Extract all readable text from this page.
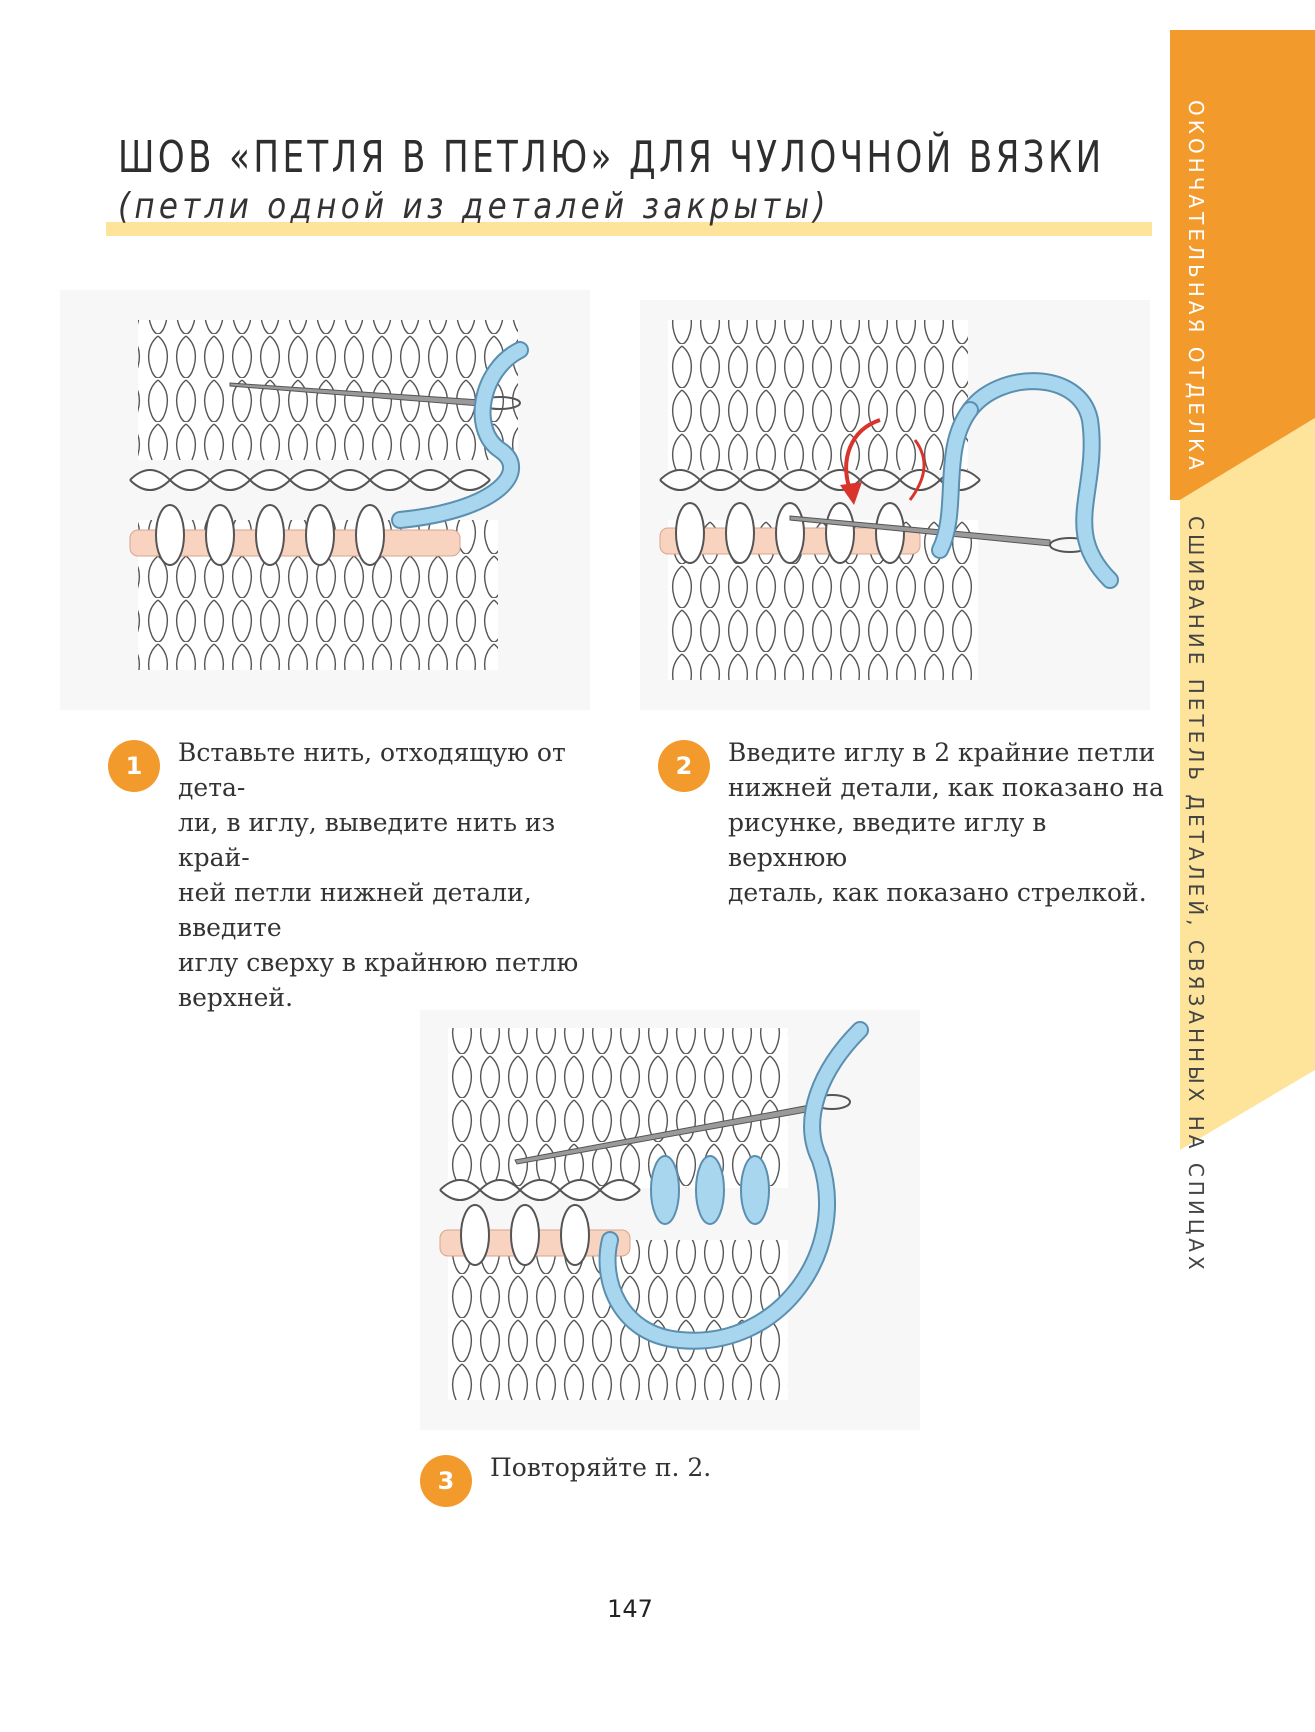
ШОВ «ПЕТЛЯ В ПЕТЛЮ» ДЛЯ ЧУЛОЧНОЙ ВЯЗКИ

(петли одной из деталей закрыты)	ОКОНЧАТЕЛЬНАЯ ОТДЕЛКА
СШИВАНИЕ ПЕТЕЛЬ ДЕТАЛЕЙ, СВЯЗАННЫХ НА СПИЦАХ
1	Вставьте нить, отходящую от дета-
ли, в иглу, выведите нить из край-
ней петли нижней детали, введите
иглу сверху в крайнюю петлю
верхней.
2	Введите иглу в 2 крайние петли
нижней детали, как показано на
рисунке, введите иглу в верхнюю
деталь, как показано стрелкой.
3	Повторяйте п. 2.
147
